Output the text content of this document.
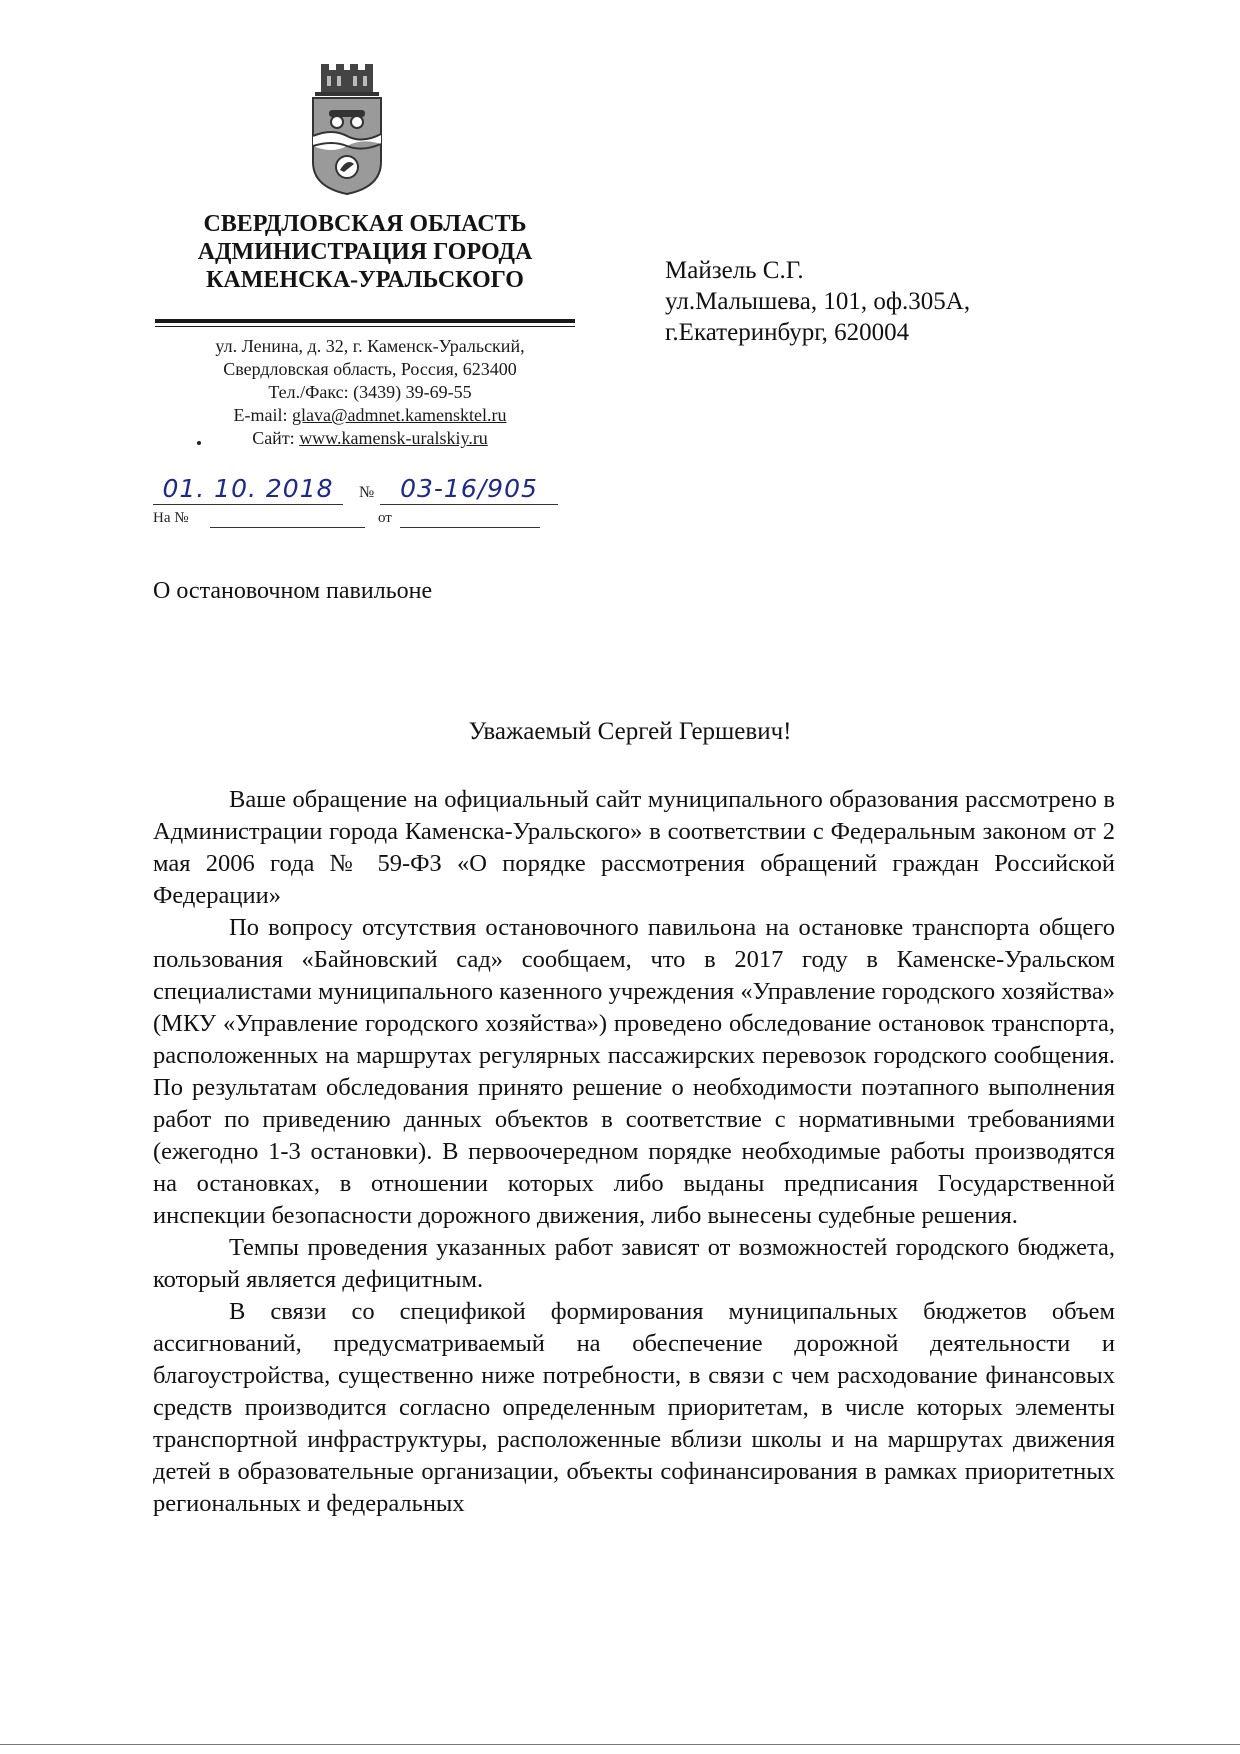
СВЕРДЛОВСКАЯ ОБЛАСТЬ
АДМИНИСТРАЦИЯ ГОРОДА
КАМЕНСКА-УРАЛЬСКОГО
ул. Ленина, д. 32, г. Каменск-Уральский,
Свердловская область, Россия, 623400
Тел./Факс: (3439) 39-69-55
E-mail: glava@admnet.kamensktel.ru
Сайт: www.kamensk-uralskiy.ru
01. 10. 2018	№	03-16/905
На №	от
Майзель С.Г.
ул.Малышева, 101, оф.305А,
г.Екатеринбург, 620004
О остановочном павильоне
Уважаемый Сергей Гершевич!

Ваше обращение на официальный сайт муниципального образования рассмотрено в Администрации города Каменска-Уральского» в соответствии с Федеральным законом от 2 мая 2006 года № 59-ФЗ «О порядке рассмотрения обращений граждан Российской Федерации»

По вопросу отсутствия остановочного павильона на остановке транспорта общего пользования «Байновский сад» сообщаем, что в 2017 году в Каменске-Уральском специалистами муниципального казенного учреждения «Управление городского хозяйства» (МКУ «Управление городского хозяйства») проведено обследование остановок транспорта, расположенных на маршрутах регулярных пассажирских перевозок городского сообщения. По результатам обследования принято решение о необходимости поэтапного выполнения работ по приведению данных объектов в соответствие с нормативными требованиями (ежегодно 1-3 остановки). В первоочередном порядке необходимые работы производятся на остановках, в отношении которых либо выданы предписания Государственной инспекции безопасности дорожного движения, либо вынесены судебные решения.

Темпы проведения указанных работ зависят от возможностей городского бюджета, который является дефицитным.

В связи со спецификой формирования муниципальных бюджетов объем ассигнований, предусматриваемый на обеспечение дорожной деятельности и благоустройства, существенно ниже потребности, в связи с чем расходование финансовых средств производится согласно определенным приоритетам, в числе которых элементы транспортной инфраструктуры, расположенные вблизи школы и на маршрутах движения детей в образовательные организации, объекты софинансирования в рамках приоритетных региональных и федеральных
